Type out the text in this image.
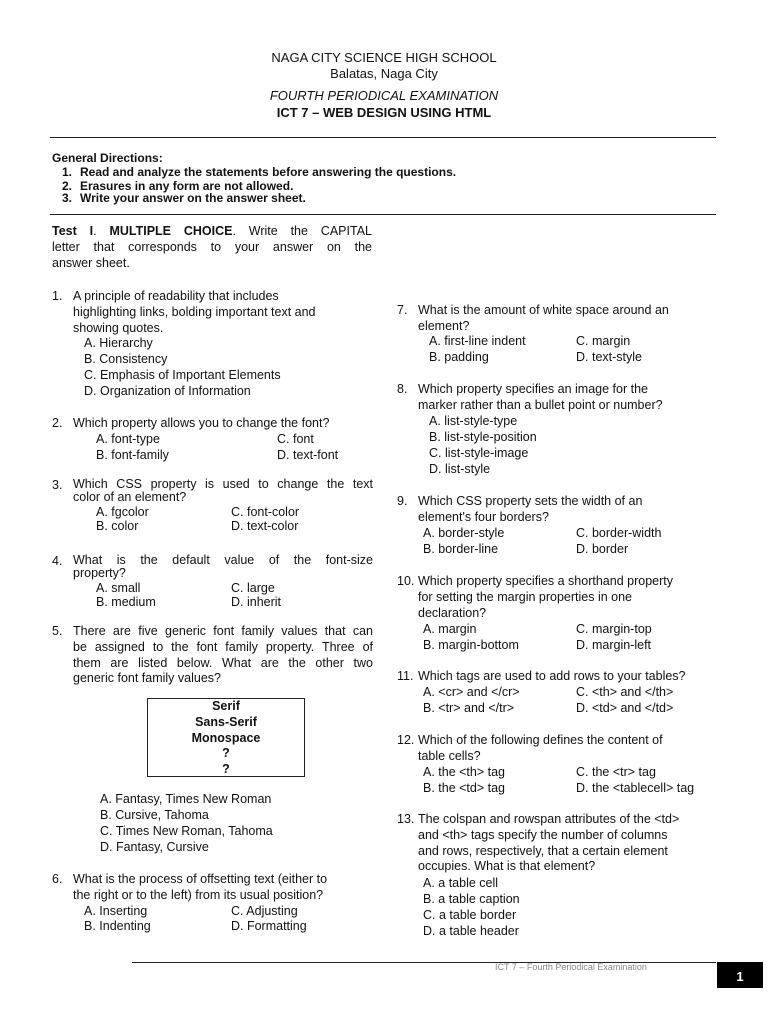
NAGA CITY SCIENCE HIGH SCHOOL
Balatas, Naga City
FOURTH PERIODICAL EXAMINATION
ICT 7 – WEB DESIGN USING HTML
General Directions:
1. Read and analyze the statements before answering the questions.
2. Erasures in any form are not allowed.
3. Write your answer on the answer sheet.
Test I. MULTIPLE CHOICE. Write the CAPITAL
letter that corresponds to your answer on the
answer sheet.
1. A principle of readability that includes
highlighting links, bolding important text and
showing quotes.
A. Hierarchy
B. Consistency
C. Emphasis of Important Elements
D. Organization of Information
2. Which property allows you to change the font?
A. font-type	C. font
B. font-family	D. text-font
3. Which CSS property is used to change the text
color of an element?
A. fgcolor	C. font-color
B. color	D. text-color
4. What is the default value of the font-size
property?
A. small	C. large
B. medium	D. inherit
5. There are five generic font family values that can
be assigned to the font family property. Three of
them are listed below. What are the other two
generic font family values?
Serif
Sans-Serif
Monospace
?
?
A. Fantasy, Times New Roman
B. Cursive, Tahoma
C. Times New Roman, Tahoma
D. Fantasy, Cursive
6. What is the process of offsetting text (either to
the right or to the left) from its usual position?
A. Inserting	C. Adjusting
B. Indenting	D. Formatting
7. What is the amount of white space around an
element?
A. first-line indent	C. margin
B. padding	D. text-style
8. Which property specifies an image for the
marker rather than a bullet point or number?
A. list-style-type
B. list-style-position
C. list-style-image
D. list-style
9. Which CSS property sets the width of an
element's four borders?
A. border-style	C. border-width
B. border-line	D. border
10. Which property specifies a shorthand property
for setting the margin properties in one
declaration?
A. margin	C. margin-top
B. margin-bottom	D. margin-left
11. Which tags are used to add rows to your tables?
A. <cr> and </cr>	C. <th> and </th>
B. <tr> and </tr>	D. <td> and </td>
12. Which of the following defines the content of
table cells?
A. the <th> tag	C. the <tr> tag
B. the <td> tag	D. the <tablecell> tag
13. The colspan and rowspan attributes of the <td>
and <th> tags specify the number of columns
and rows, respectively, that a certain element
occupies. What is that element?
A. a table cell
B. a table caption
C. a table border
D. a table header
ICT 7 – Fourth Periodical Examination
1
